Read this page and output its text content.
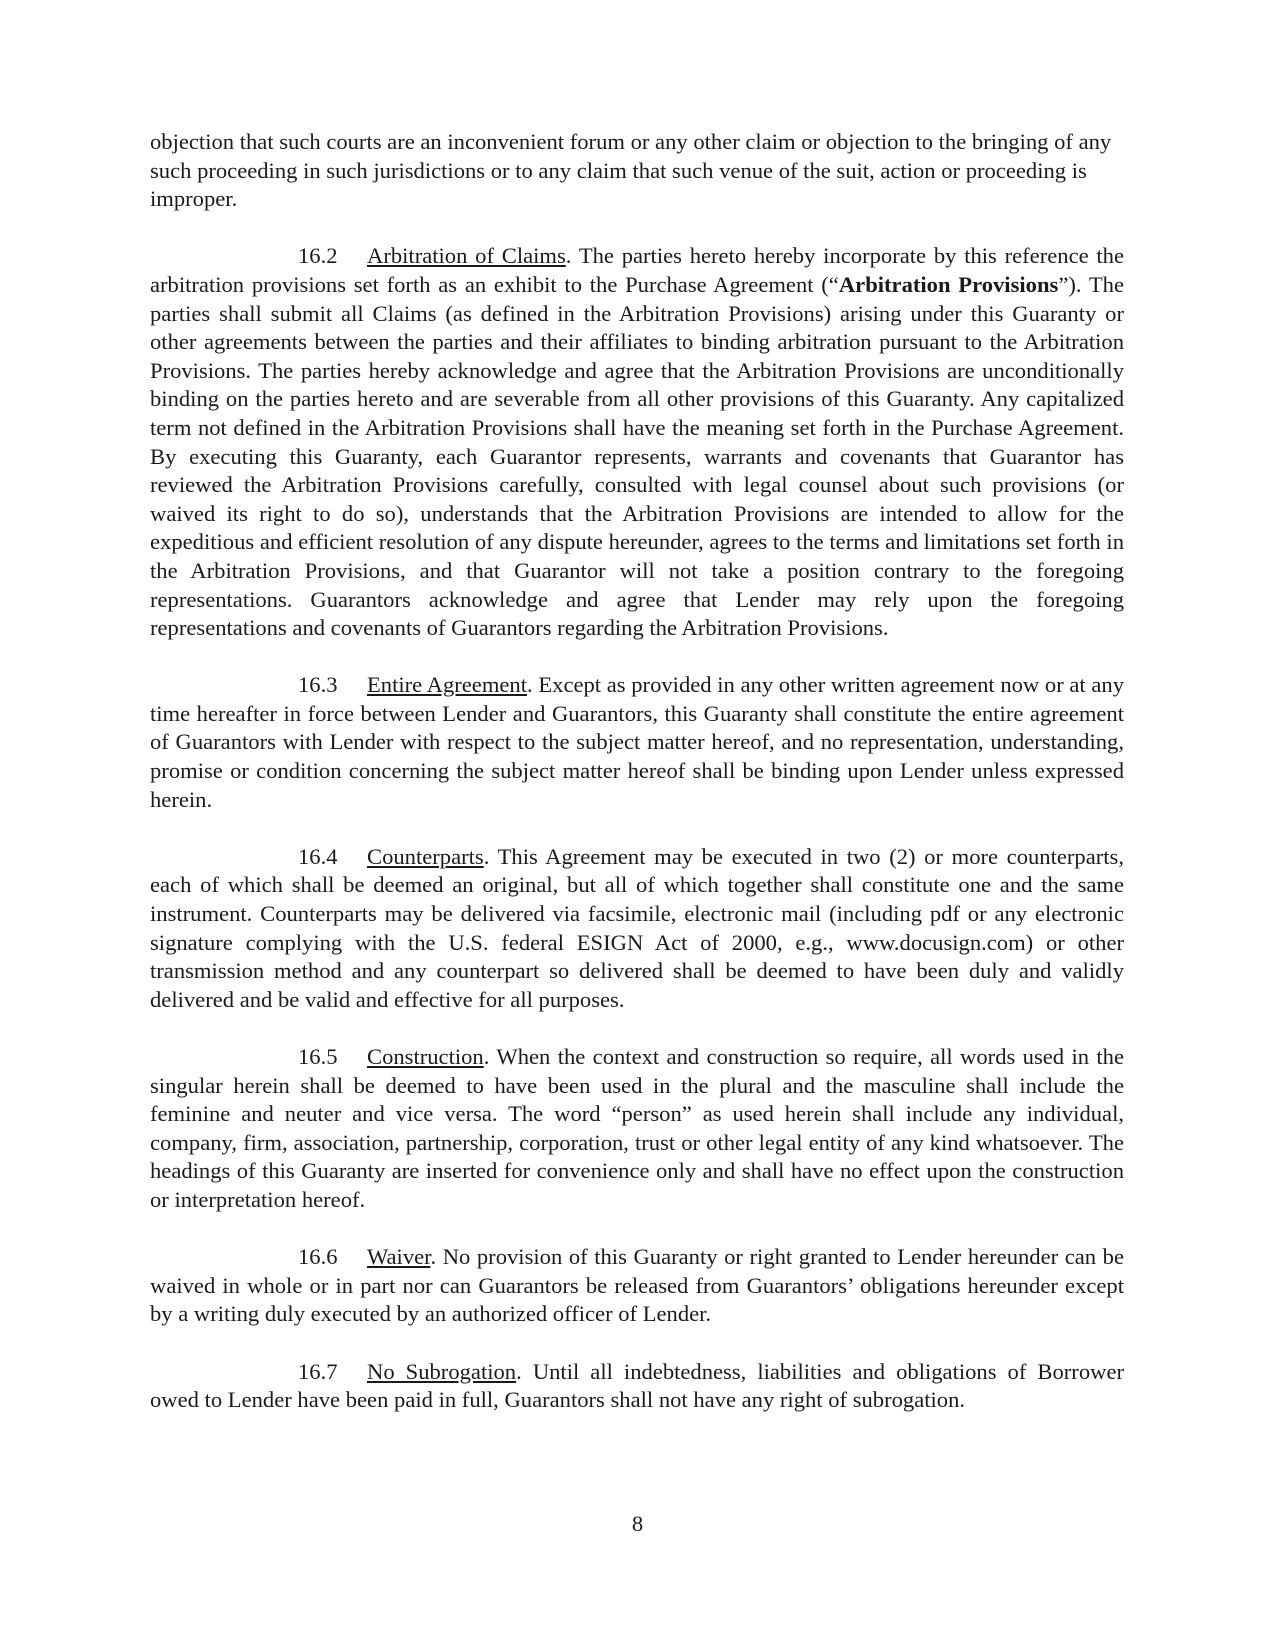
objection that such courts are an inconvenient forum or any other claim or objection to the bringing of any such proceeding in such jurisdictions or to any claim that such venue of the suit, action or proceeding is improper.

16.2 Arbitration of Claims. The parties hereto hereby incorporate by this reference the arbitration provisions set forth as an exhibit to the Purchase Agreement (“Arbitration Provisions”). The parties shall submit all Claims (as defined in the Arbitration Provisions) arising under this Guaranty or other agreements between the parties and their affiliates to binding arbitration pursuant to the Arbitration Provisions. The parties hereby acknowledge and agree that the Arbitration Provisions are unconditionally binding on the parties hereto and are severable from all other provisions of this Guaranty. Any capitalized term not defined in the Arbitration Provisions shall have the meaning set forth in the Purchase Agreement. By executing this Guaranty, each Guarantor represents, warrants and covenants that Guarantor has reviewed the Arbitration Provisions carefully, consulted with legal counsel about such provisions (or waived its right to do so), understands that the Arbitration Provisions are intended to allow for the expeditious and efficient resolution of any dispute hereunder, agrees to the terms and limitations set forth in the Arbitration Provisions, and that Guarantor will not take a position contrary to the foregoing representations. Guarantors acknowledge and agree that Lender may rely upon the foregoing representations and covenants of Guarantors regarding the Arbitration Provisions.

16.3 Entire Agreement. Except as provided in any other written agreement now or at any time hereafter in force between Lender and Guarantors, this Guaranty shall constitute the entire agreement of Guarantors with Lender with respect to the subject matter hereof, and no representation, understanding, promise or condition concerning the subject matter hereof shall be binding upon Lender unless expressed herein.

16.4 Counterparts. This Agreement may be executed in two (2) or more counterparts, each of which shall be deemed an original, but all of which together shall constitute one and the same instrument. Counterparts may be delivered via facsimile, electronic mail (including pdf or any electronic signature complying with the U.S. federal ESIGN Act of 2000, e.g., www.docusign.com) or other transmission method and any counterpart so delivered shall be deemed to have been duly and validly delivered and be valid and effective for all purposes.

16.5 Construction. When the context and construction so require, all words used in the singular herein shall be deemed to have been used in the plural and the masculine shall include the feminine and neuter and vice versa. The word “person” as used herein shall include any individual, company, firm, association, partnership, corporation, trust or other legal entity of any kind whatsoever. The headings of this Guaranty are inserted for convenience only and shall have no effect upon the construction or interpretation hereof.

16.6 Waiver. No provision of this Guaranty or right granted to Lender hereunder can be waived in whole or in part nor can Guarantors be released from Guarantors’ obligations hereunder except by a writing duly executed by an authorized officer of Lender.

16.7 No Subrogation. Until all indebtedness, liabilities and obligations of Borrower owed to Lender have been paid in full, Guarantors shall not have any right of subrogation.

8
